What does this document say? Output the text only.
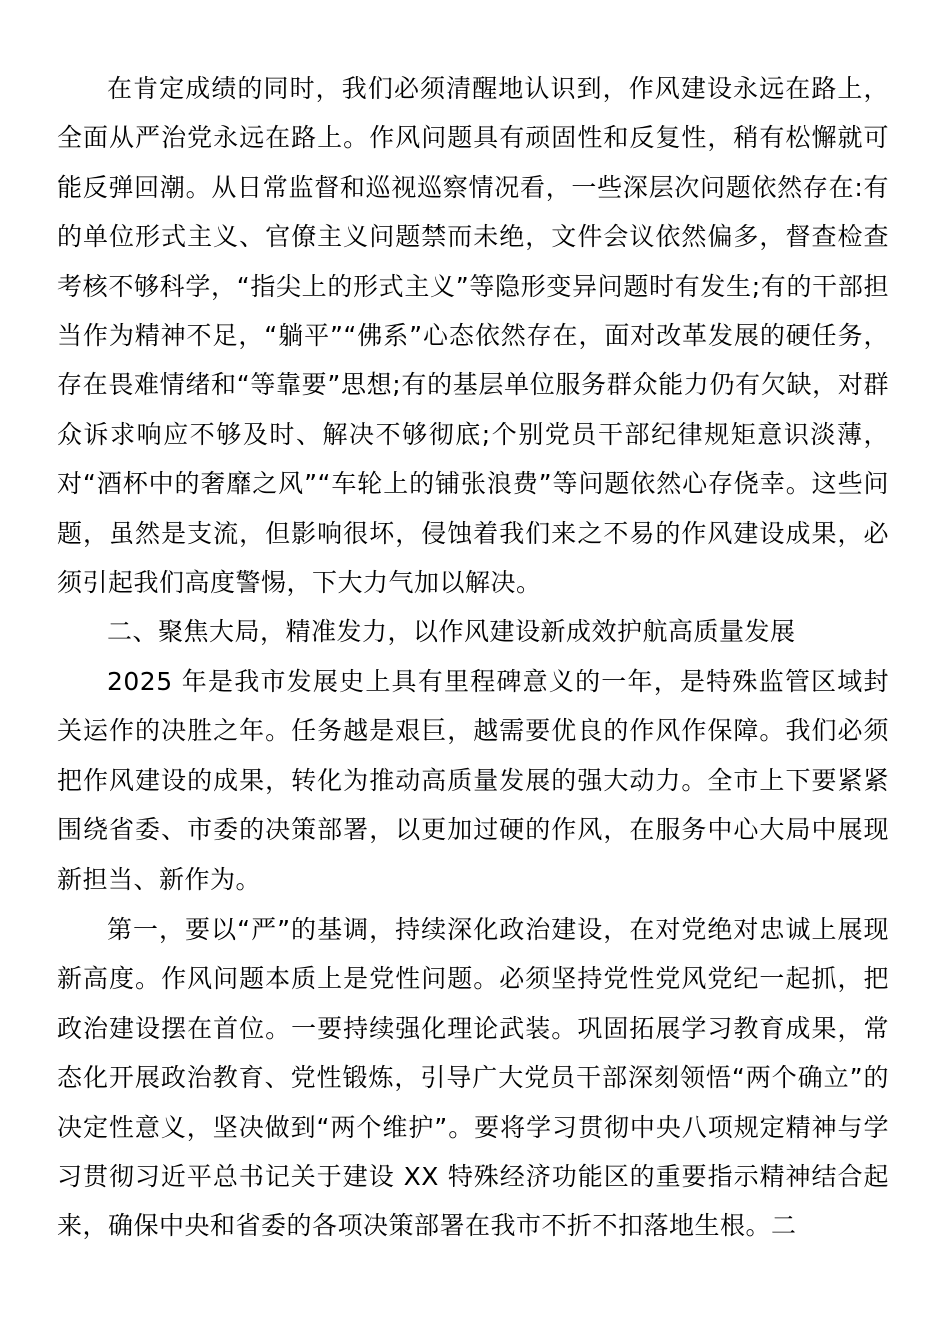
在肯定成绩的同时，我们必须清醒地认识到，作风建设永远在路上，全面从严治党永远在路上。作风问题具有顽固性和反复性，稍有松懈就可能反弹回潮。从日常监督和巡视巡察情况看，一些深层次问题依然存在:有的单位形式主义、官僚主义问题禁而未绝，文件会议依然偏多，督查检查考核不够科学，“指尖上的形式主义”等隐形变异问题时有发生;有的干部担当作为精神不足，“躺平”“佛系”心态依然存在，面对改革发展的硬任务，存在畏难情绪和“等靠要”思想;有的基层单位服务群众能力仍有欠缺，对群众诉求响应不够及时、解决不够彻底;个别党员干部纪律规矩意识淡薄，对“酒杯中的奢靡之风”“车轮上的铺张浪费”等问题依然心存侥幸。这些问题，虽然是支流，但影响很坏，侵蚀着我们来之不易的作风建设成果，必须引起我们高度警惕，下大力气加以解决。

二、聚焦大局，精准发力，以作风建设新成效护航高质量发展

2025 年是我市发展史上具有里程碑意义的一年，是特殊监管区域封关运作的决胜之年。任务越是艰巨，越需要优良的作风作保障。我们必须把作风建设的成果，转化为推动高质量发展的强大动力。全市上下要紧紧围绕省委、市委的决策部署，以更加过硬的作风，在服务中心大局中展现新担当、新作为。

第一，要以“严”的基调，持续深化政治建设，在对党绝对忠诚上展现新高度。作风问题本质上是党性问题。必须坚持党性党风党纪一起抓，把政治建设摆在首位。一要持续强化理论武装。巩固拓展学习教育成果，常态化开展政治教育、党性锻炼，引导广大党员干部深刻领悟“两个确立”的决定性意义，坚决做到“两个维护”。要将学习贯彻中央八项规定精神与学习贯彻习近平总书记关于建设 XX 特殊经济功能区的重要指示精神结合起来，确保中央和省委的各项决策部署在我市不折不扣落地生根。二
